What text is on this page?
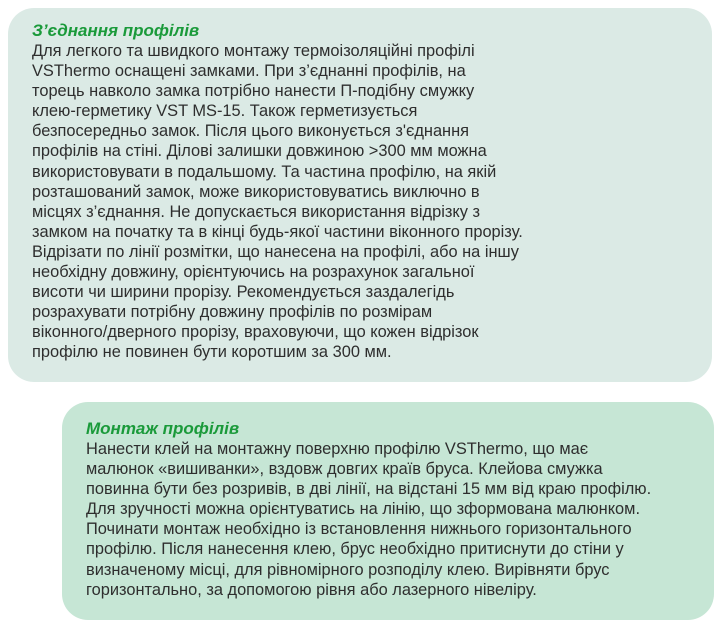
З’єднання профілів

Для легкого та швидкого монтажу термоізоляційні профілі
VSThermo оснащені замками. При з’єднанні профілів, на
торець навколо замка потрібно нанести П-подібну смужку
клею-герметику VST MS-15. Також герметизується
безпосередньо замок. Після цього виконується з'єднання
профілів на стіні. Ділові залишки довжиною >300 мм можна
використовувати в подальшому. Та частина профілю, на якій
розташований замок, може використовуватись виключно в
місцях з’єднання. Не допускається використання відрізку з
замком на початку та в кінці будь-якої частини віконного прорізу.
Відрізати по лінії розмітки, що нанесена на профілі, або на іншу
необхідну довжину, орієнтуючись на розрахунок загальної
висоти чи ширини прорізу. Рекомендується заздалегідь
розрахувати потрібну довжину профілів по розмірам
віконного/дверного прорізу, враховуючи, що кожен відрізок
профілю не повинен бути коротшим за 300 мм.

Монтаж профілів

Нанести клей на монтажну поверхню профілю VSThermo, що має
малюнок «вишиванки», вздовж довгих країв бруса. Клейова смужка
повинна бути без розривів, в дві лінії, на відстані 15 мм від краю профілю.
Для зручності можна орієнтуватись на лінію, що зформована малюнком.
Починати монтаж необхідно із встановлення нижнього горизонтального
профілю. Після нанесення клею, брус необхідно притиснути до стіни у
визначеному місці, для рівномірного розподілу клею. Вирівняти брус
горизонтально, за допомогою рівня або лазерного нівеліру.
